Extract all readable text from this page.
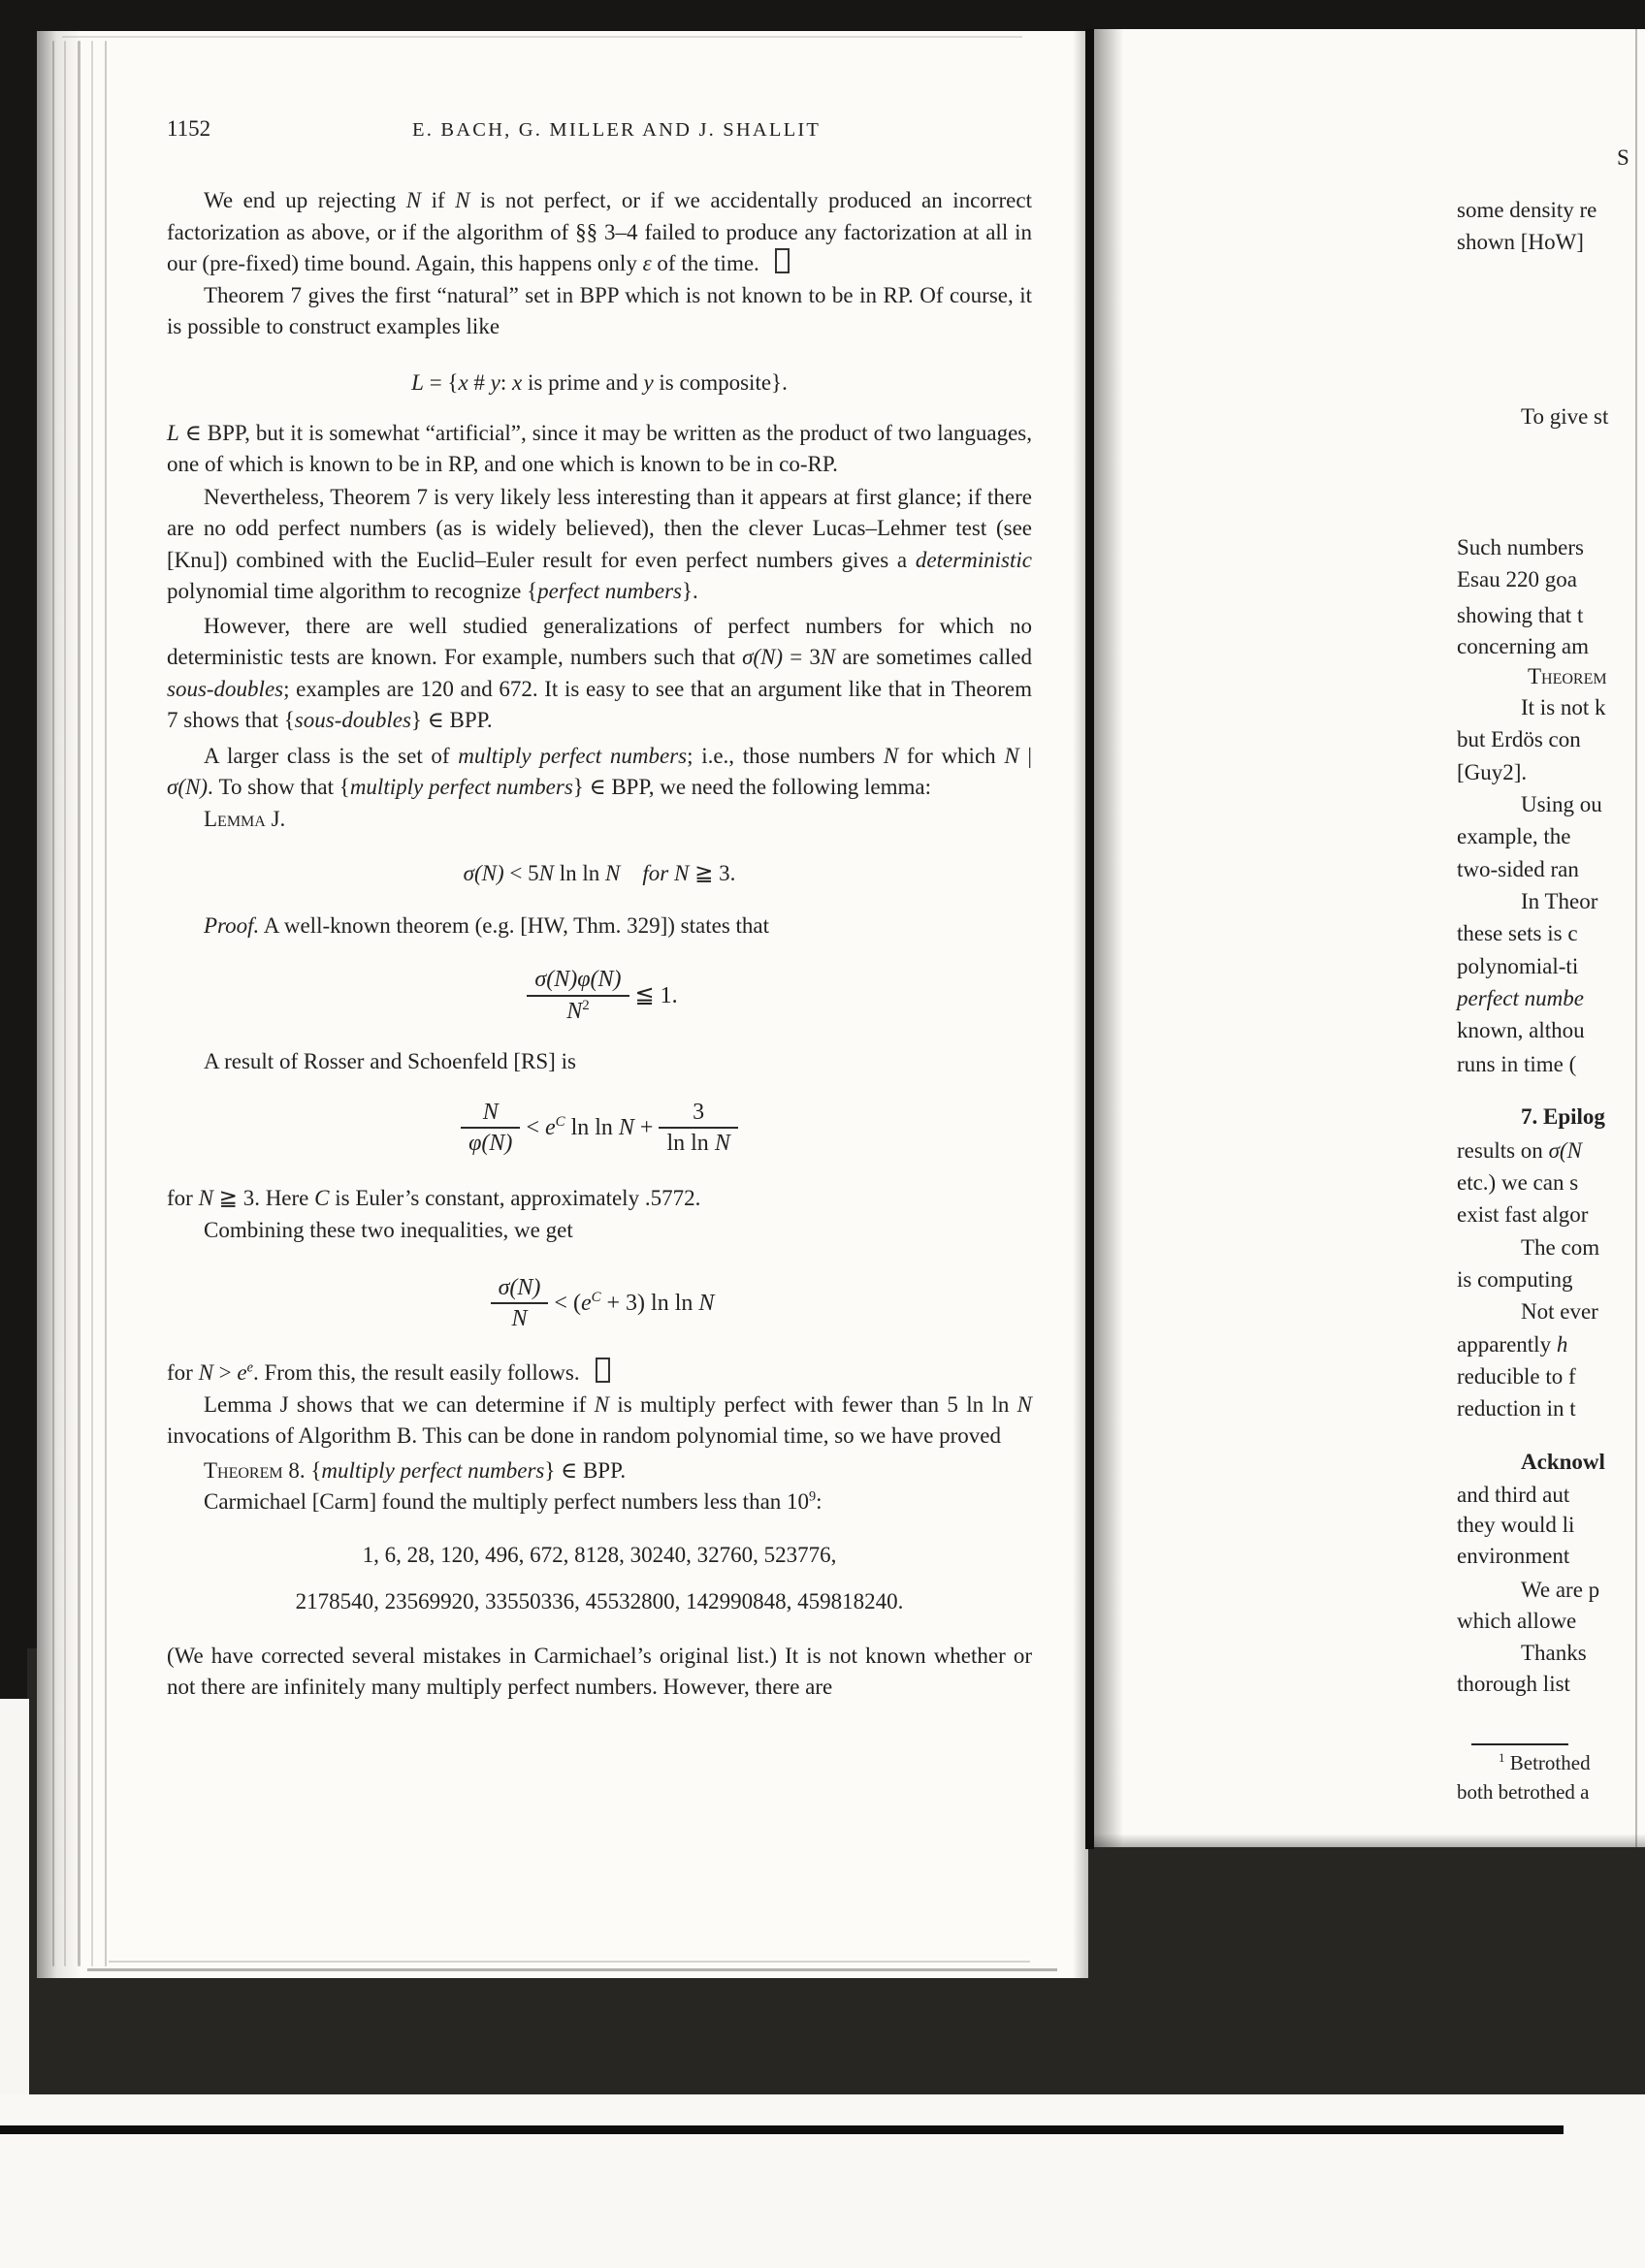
1152	E. BACH, G. MILLER AND J. SHALLIT
We end up rejecting N if N is not perfect, or if we accidentally produced an incorrect factorization as above, or if the algorithm of §§ 3–4 failed to produce any factorization at all in our (pre-fixed) time bound. Again, this happens only ε of the time.
Theorem 7 gives the first “natural” set in BPP which is not known to be in RP. Of course, it is possible to construct examples like
L = {x # y: x is prime and y is composite}.
L ∈ BPP, but it is somewhat “artificial”, since it may be written as the product of two languages, one of which is known to be in RP, and one which is known to be in co-RP.
Nevertheless, Theorem 7 is very likely less interesting than it appears at first glance; if there are no odd perfect numbers (as is widely believed), then the clever Lucas–Lehmer test (see [Knu]) combined with the Euclid–Euler result for even perfect numbers gives a deterministic polynomial time algorithm to recognize {perfect numbers}.
However, there are well studied generalizations of perfect numbers for which no deterministic tests are known. For example, numbers such that σ(N) = 3N are sometimes called sous-doubles; examples are 120 and 672. It is easy to see that an argument like that in Theorem 7 shows that {sous-doubles} ∈ BPP.
A larger class is the set of multiply perfect numbers; i.e., those numbers N for which N | σ(N). To show that {multiply perfect numbers} ∈ BPP, we need the following lemma:
Lemma J.
σ(N) < 5N ln ln N   for N ≧ 3.
Proof. A well-known theorem (e.g. [HW, Thm. 329]) states that
$\frac{\sigma(N)\varphi(N)}{N^2}$ ≦ 1.
A result of Rosser and Schoenfeld [RS] is
$\frac{N}{\varphi(N)} < e^C$ $\ln \ln N + \frac{3}{\text{ln ln N}}$
for N ≧ 3. Here C is Euler’s constant, approximately .5772.
Combining these two inequalities, we get
$\frac{\sigma(N)}{N} < (e^C + 3)$ ln ln N
for $N > e^e$. From this, the result easily follows.
Lemma J shows that we can determine if N is multiply perfect with fewer than 5 ln ln N invocations of Algorithm B. This can be done in random polynomial time, so we have proved
Theorem 8. {multiply perfect numbers} ∈ BPP.
Carmichael [Carm] found the multiply perfect numbers less than $10^9$:
1, 6, 28, 120, 496, 672, 8128, 30240, 32760, 523776,
2178540, 23569920, 33550336, 45532800, 142990848, 459818240.
(We have corrected several mistakes in Carmichael’s original list.) It is not known whether or not there are infinitely many multiply perfect numbers. However, there are
S
some density re
shown [HoW]
To give st
Such numbers
Esau 220 goa
showing that t
concerning am
Theorem
It is not k
but Erdös con
[Guy2].
Using ou
example, the
two-sided ran
In Theor
these sets is c
polynomial-ti
perfect numbe
known, althou
runs in time (
7. Epilog
results on σ(N
etc.) we can s
exist fast algor
The com
is computing
Not ever
apparently h
reducible to f
reduction in t
Acknowl
and third aut
they would li
environment
We are p
which allowe
Thanks
thorough list
$^1$ Betrothed
both betrothed a
